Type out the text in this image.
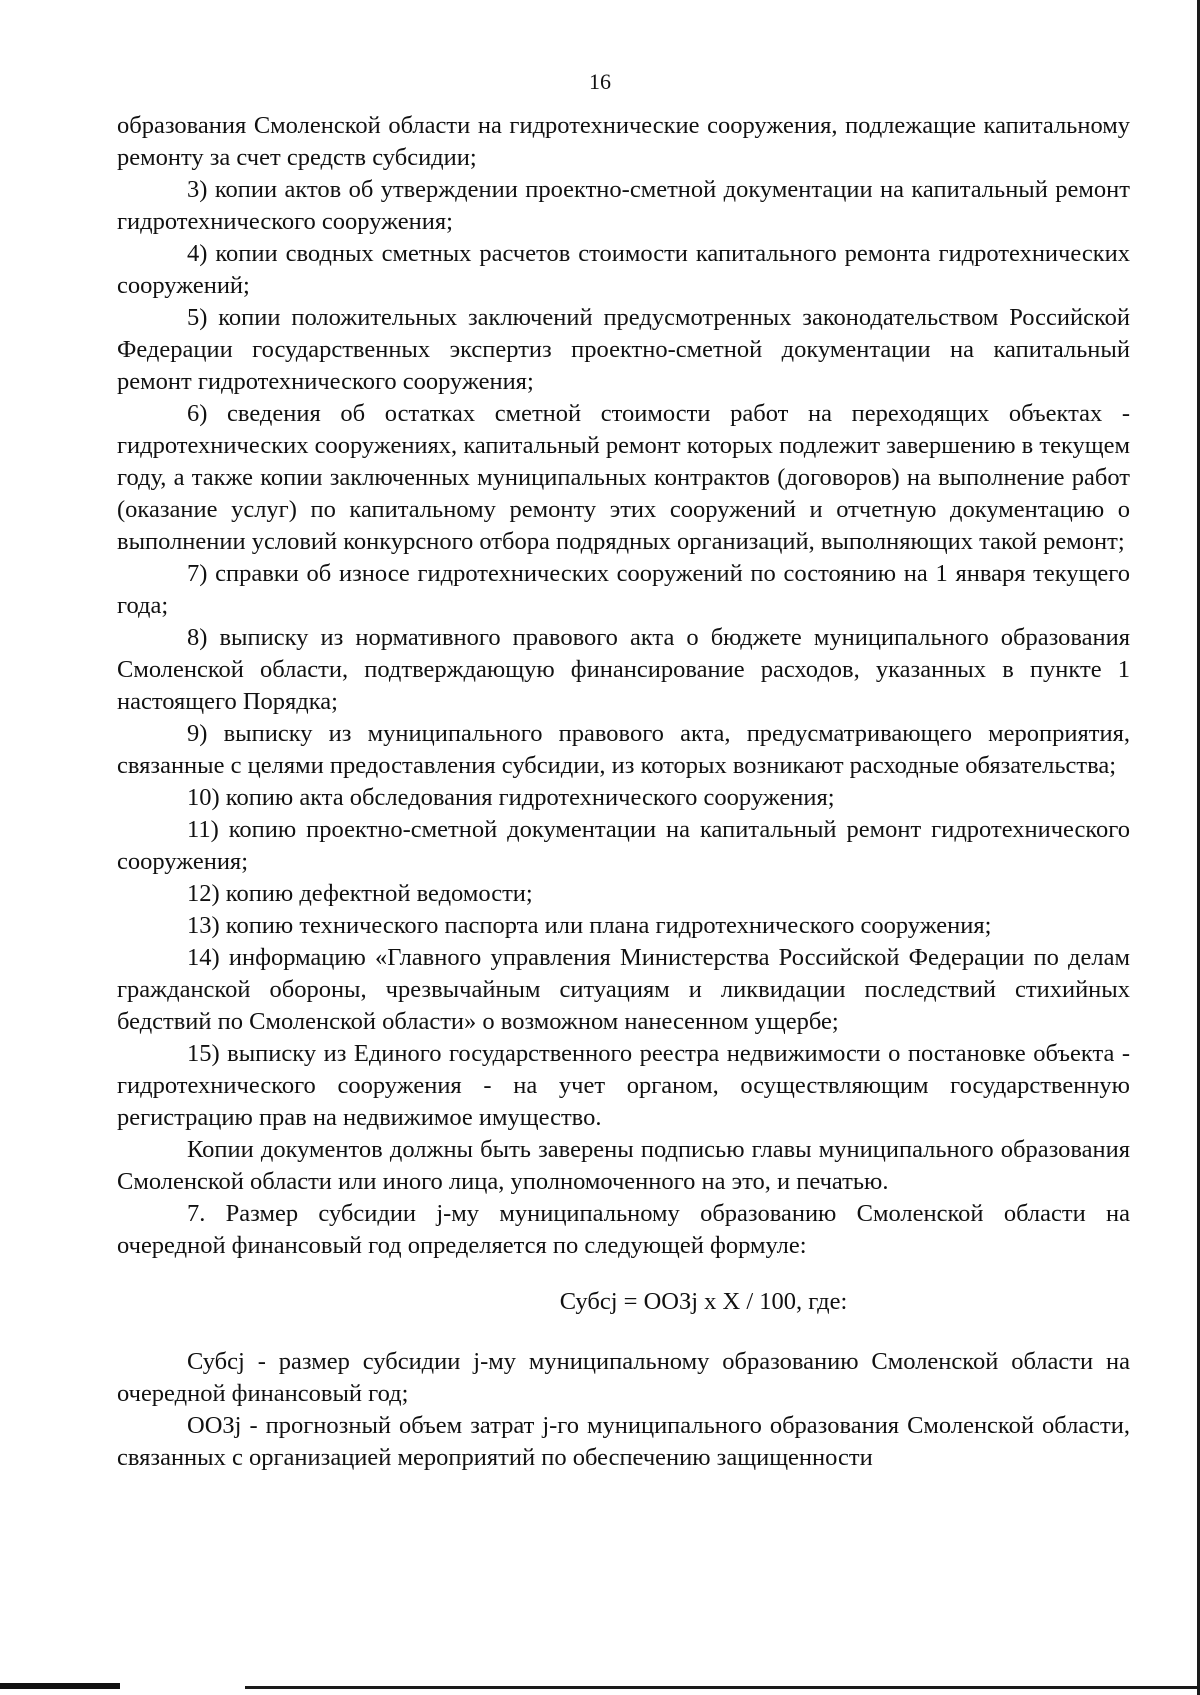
16

образования Смоленской области на гидротехнические сооружения, подлежащие капитальному ремонту за счет средств субсидии;

3) копии актов об утверждении проектно-сметной документации на капитальный ремонт гидротехнического сооружения;

4) копии сводных сметных расчетов стоимости капитального ремонта гидротехнических сооружений;

5) копии положительных заключений предусмотренных законодательством Российской Федерации государственных экспертиз проектно-сметной документации на капитальный ремонт гидротехнического сооружения;

6) сведения об остатках сметной стоимости работ на переходящих объектах - гидротехнических сооружениях, капитальный ремонт которых подлежит завершению в текущем году, а также копии заключенных муниципальных контрактов (договоров) на выполнение работ (оказание услуг) по капитальному ремонту этих сооружений и отчетную документацию о выполнении условий конкурсного отбора подрядных организаций, выполняющих такой ремонт;

7) справки об износе гидротехнических сооружений по состоянию на 1 января текущего года;

8) выписку из нормативного правового акта о бюджете муниципального образования Смоленской области, подтверждающую финансирование расходов, указанных в пункте 1 настоящего Порядка;

9) выписку из муниципального правового акта, предусматривающего мероприятия, связанные с целями предоставления субсидии, из которых возникают расходные обязательства;

10) копию акта обследования гидротехнического сооружения;

11) копию проектно-сметной документации на капитальный ремонт гидротехнического сооружения;

12) копию дефектной ведомости;

13) копию технического паспорта или плана гидротехнического сооружения;

14) информацию «Главного управления Министерства Российской Федерации по делам гражданской обороны, чрезвычайным ситуациям и ликвидации последствий стихийных бедствий по Смоленской области» о возможном нанесенном ущербе;

15) выписку из Единого государственного реестра недвижимости о постановке объекта - гидротехнического сооружения - на учет органом, осуществляющим государственную регистрацию прав на недвижимое имущество.

Копии документов должны быть заверены подписью главы муниципального образования Смоленской области или иного лица, уполномоченного на это, и печатью.

7. Размер субсидии j-му муниципальному образованию Смоленской области на очередной финансовый год определяется по следующей формуле:

Субсj = ООЗj x X / 100, где:

Субсj - размер субсидии j-му муниципальному образованию Смоленской области на очередной финансовый год;

ООЗj - прогнозный объем затрат j-го муниципального образования Смоленской области, связанных с организацией мероприятий по обеспечению защищенности
